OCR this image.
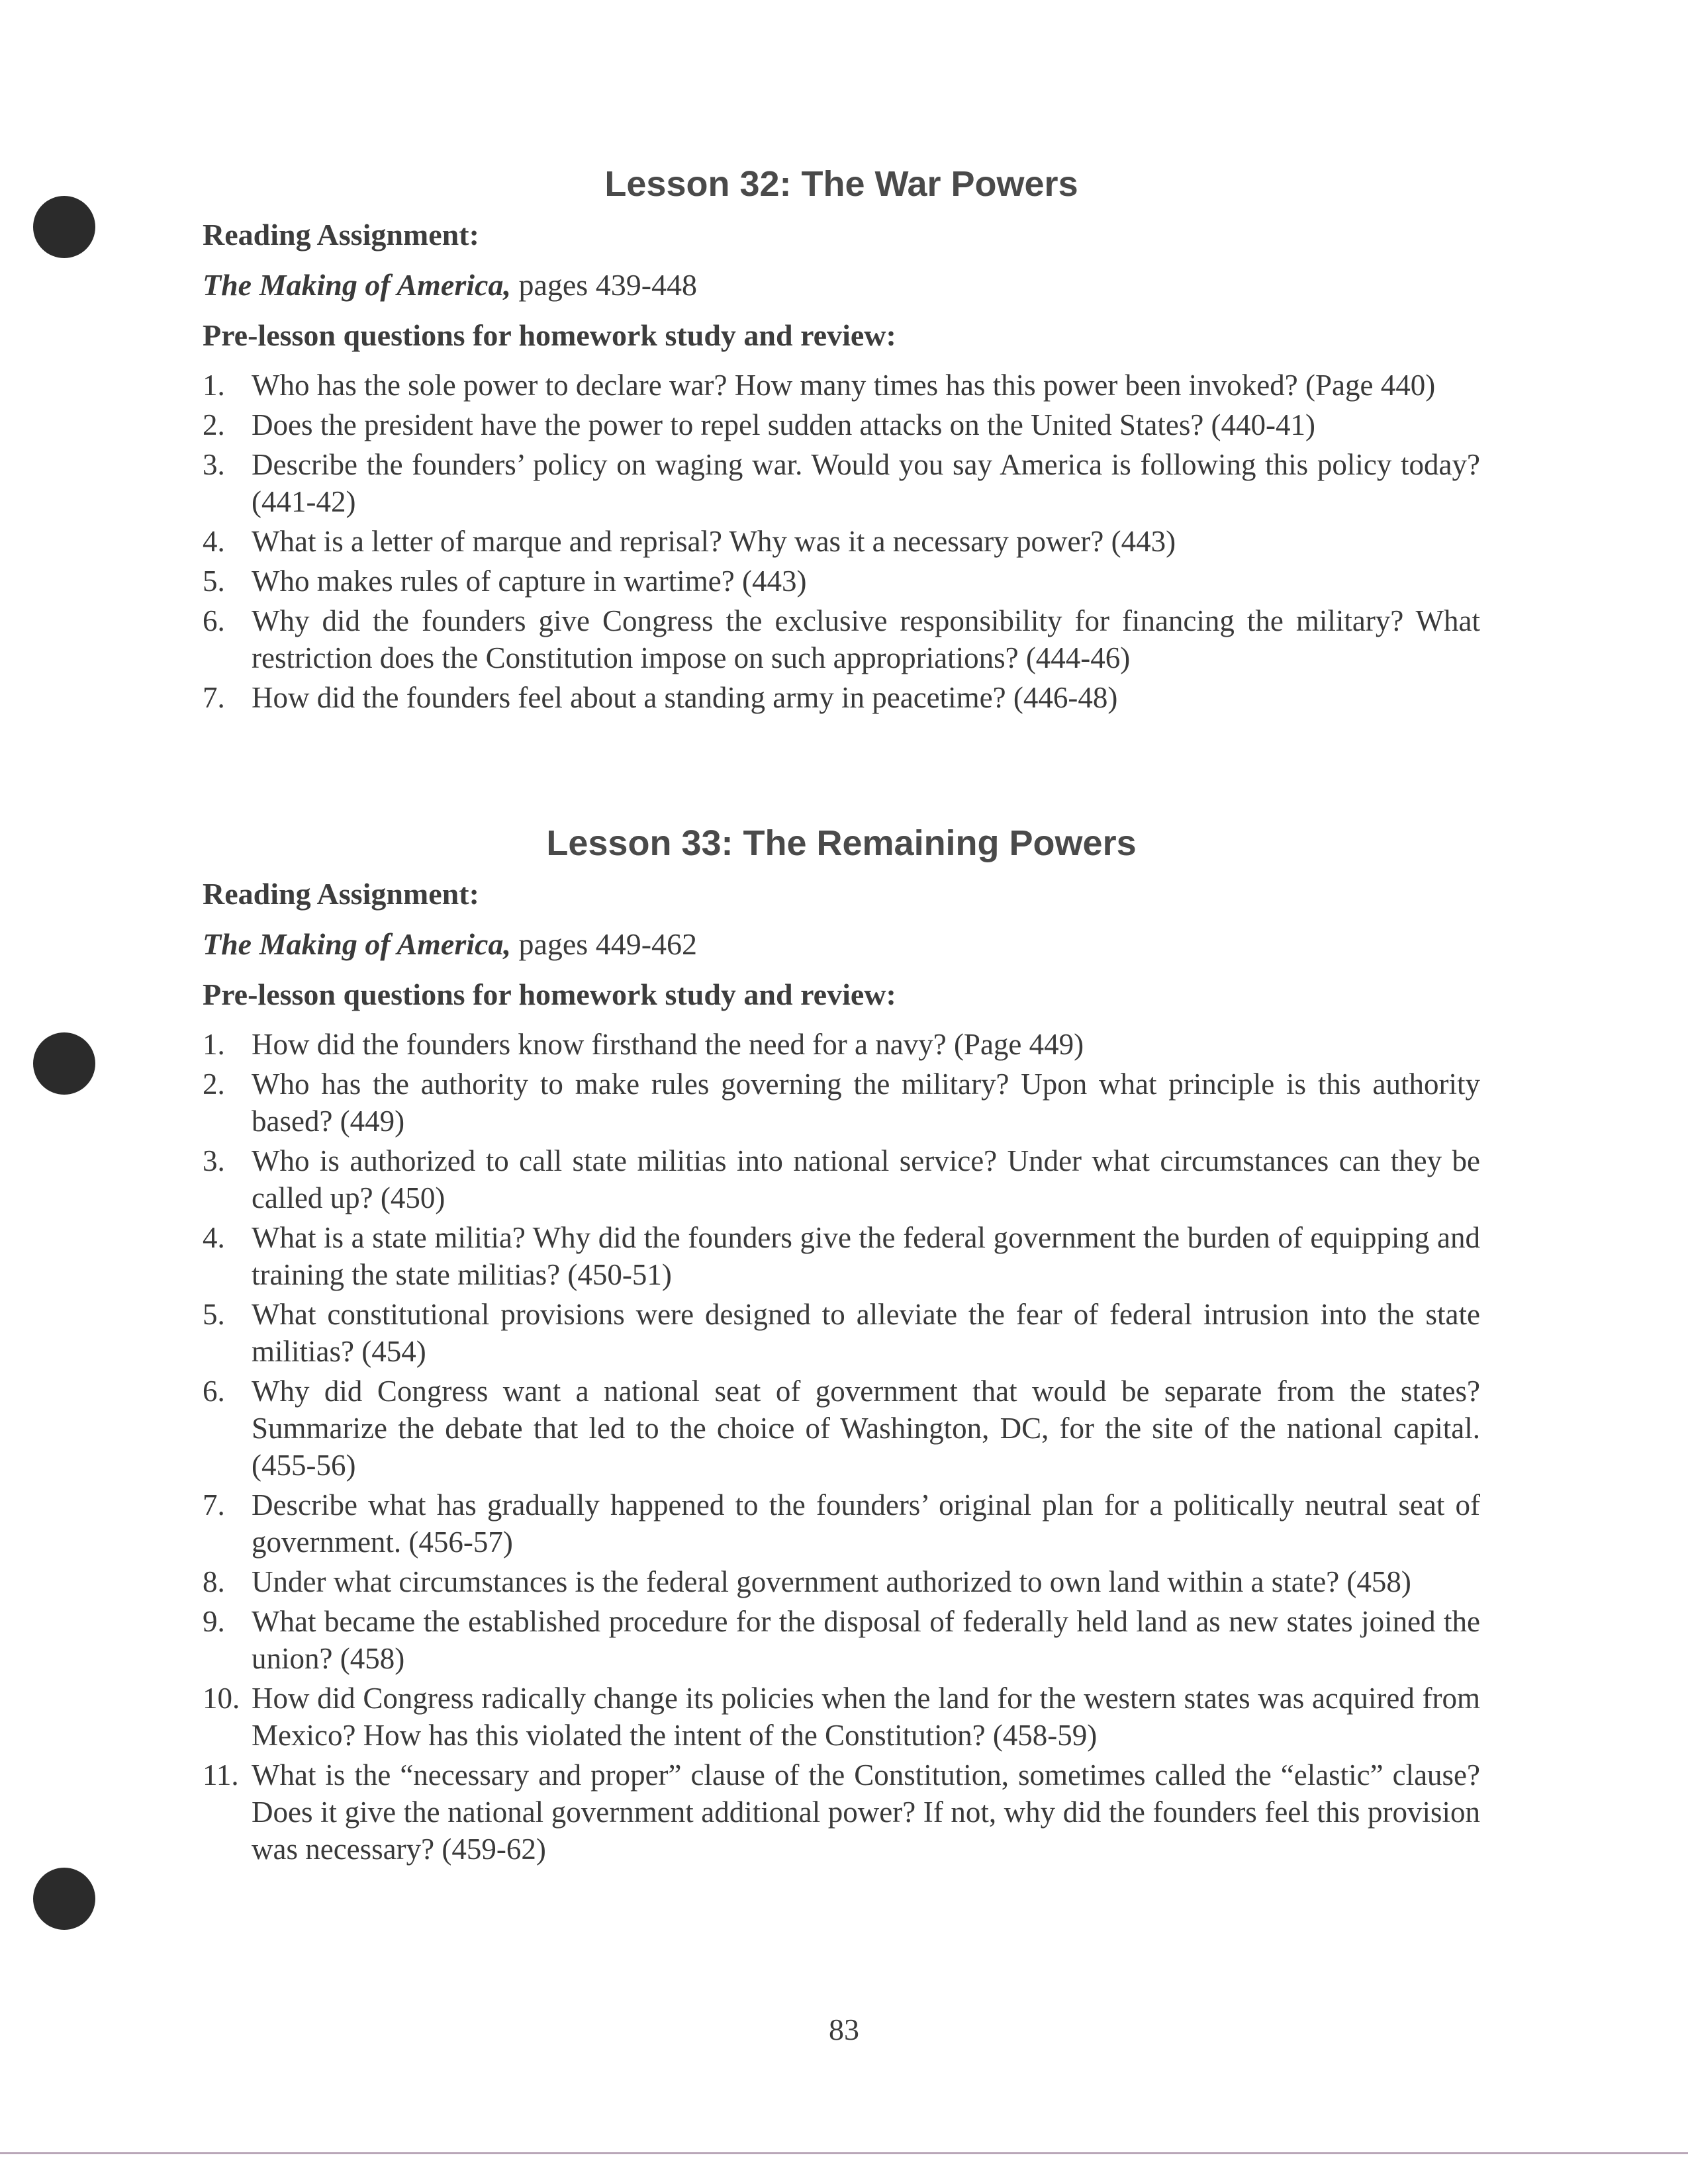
Lesson 32: The War Powers
Reading Assignment:
The Making of America, pages 439-448
Pre-lesson questions for homework study and review:
1. Who has the sole power to declare war? How many times has this power been invoked? (Page 440)
2. Does the president have the power to repel sudden attacks on the United States? (440-41)
3. Describe the founders’ policy on waging war. Would you say America is following this policy today? (441-42)
4. What is a letter of marque and reprisal? Why was it a necessary power? (443)
5. Who makes rules of capture in wartime? (443)
6. Why did the founders give Congress the exclusive responsibility for financing the military? What restriction does the Constitution impose on such appropriations? (444-46)
7. How did the founders feel about a standing army in peacetime? (446-48)
Lesson 33: The Remaining Powers
Reading Assignment:
The Making of America, pages 449-462
Pre-lesson questions for homework study and review:
1. How did the founders know firsthand the need for a navy? (Page 449)
2. Who has the authority to make rules governing the military? Upon what principle is this authority based? (449)
3. Who is authorized to call state militias into national service? Under what circumstances can they be called up? (450)
4. What is a state militia? Why did the founders give the federal government the burden of equipping and training the state militias? (450-51)
5. What constitutional provisions were designed to alleviate the fear of federal intrusion into the state militias? (454)
6. Why did Congress want a national seat of government that would be separate from the states? Summarize the debate that led to the choice of Washington, DC, for the site of the national capital. (455-56)
7. Describe what has gradually happened to the founders’ original plan for a politically neutral seat of government. (456-57)
8. Under what circumstances is the federal government authorized to own land within a state? (458)
9. What became the established procedure for the disposal of federally held land as new states joined the union? (458)
10. How did Congress radically change its policies when the land for the western states was acquired from Mexico? How has this violated the intent of the Constitution? (458-59)
11. What is the “necessary and proper” clause of the Constitution, sometimes called the “elastic” clause? Does it give the national government additional power? If not, why did the founders feel this provision was necessary? (459-62)
83
